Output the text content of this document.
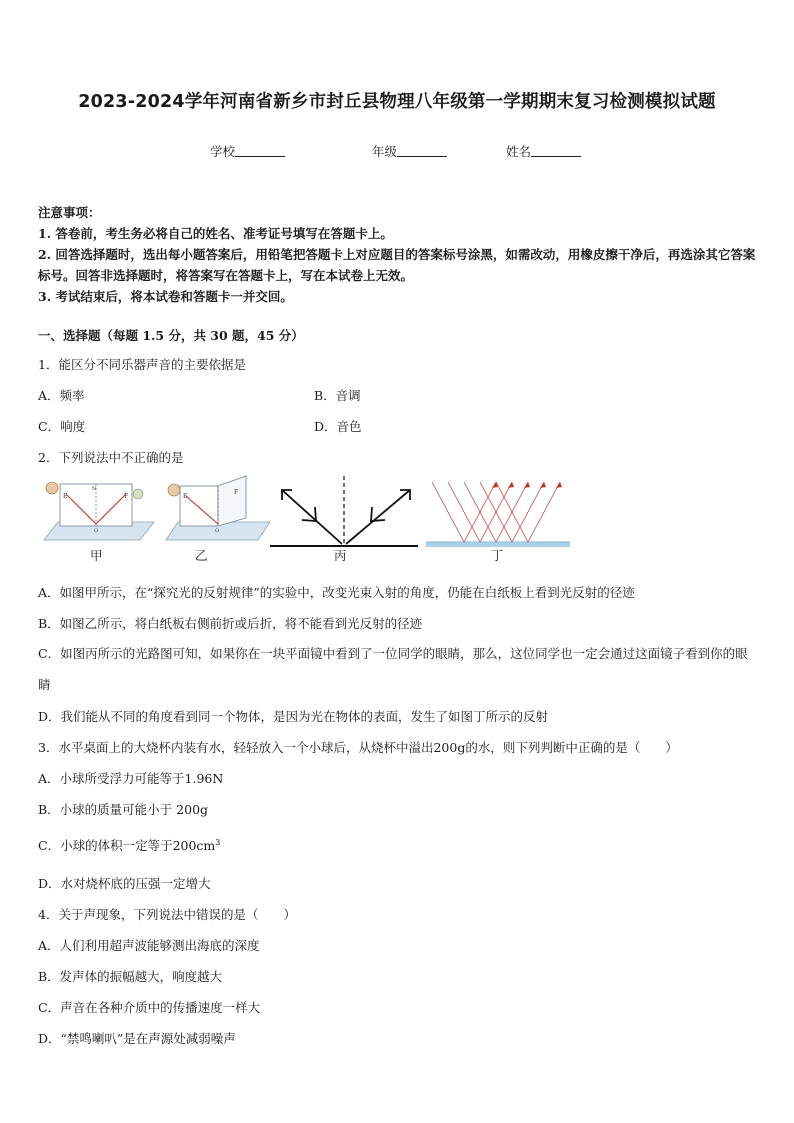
2023-2024学年河南省新乡市封丘县物理八年级第一学期期末复习检测模拟试题
学校	年级	姓名
注意事项：
1. 答卷前，考生务必将自己的姓名、准考证号填写在答题卡上。
2. 回答选择题时，选出每小题答案后，用铅笔把答题卡上对应题目的答案标号涂黑，如需改动，用橡皮擦干净后，再选涂其它答案标号。回答非选择题时，将答案写在答题卡上，写在本试卷上无效。
3. 考试结束后，将本试卷和答题卡一并交回。
一、选择题（每题 1.5 分，共 30 题，45 分）
1．能区分不同乐器声音的主要依据是
A．频率	B．音调
C．响度	D．音色
2．下列说法中不正确的是
E	F
N
O
甲
E
F
O
乙	丙	丁
A．如图甲所示，在“探究光的反射规律”的实验中，改变光束入射的角度，仍能在白纸板上看到光反射的径迹
B．如图乙所示，将白纸板右侧前折或后折，将不能看到光反射的径迹
C．如图丙所示的光路图可知，如果你在一块平面镜中看到了一位同学的眼睛，那么，这位同学也一定会通过这面镜子看到你的眼睛
D．我们能从不同的角度看到同一个物体，是因为光在物体的表面，发生了如图丁所示的反射
3．水平桌面上的大烧杯内装有水，轻轻放入一个小球后，从烧杯中溢出200g的水，则下列判断中正确的是（　　）
A．小球所受浮力可能等于1.96N
B．小球的质量可能小于 200g
C．小球的体积一定等于$200cm^3$
D．水对烧杯底的压强一定增大
4．关于声现象，下列说法中错误的是（　　）
A．人们利用超声波能够测出海底的深度
B．发声体的振幅越大，响度越大
C．声音在各种介质中的传播速度一样大
D．“禁鸣喇叭”是在声源处减弱噪声
